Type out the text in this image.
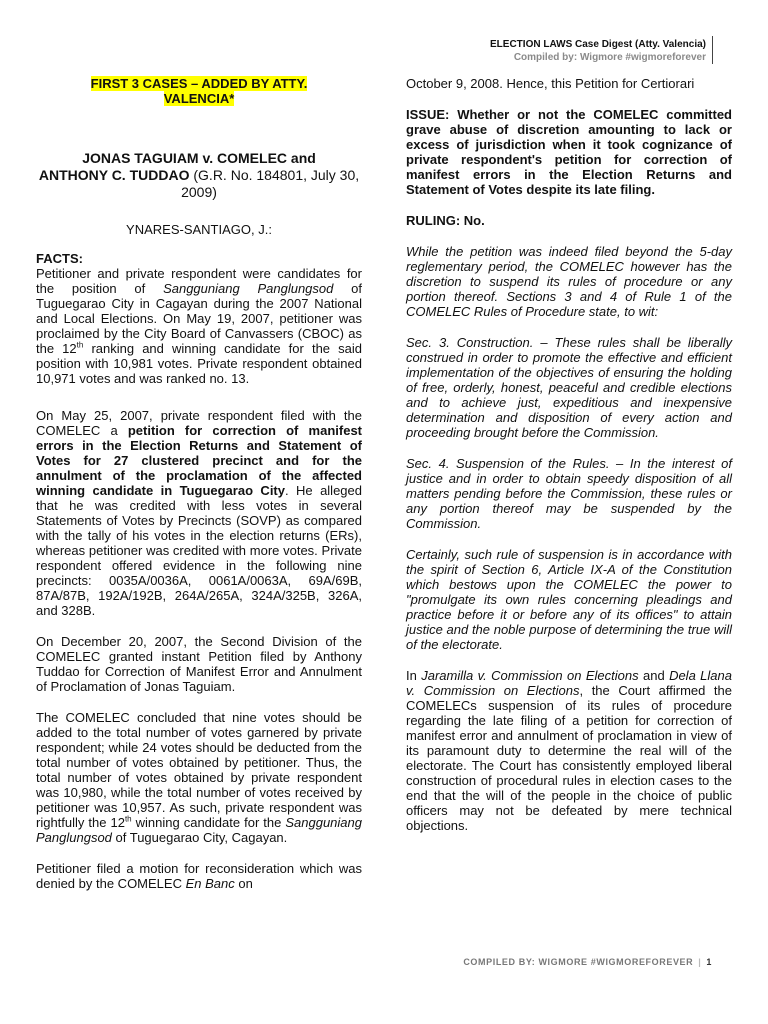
ELECTION LAWS Case Digest (Atty. Valencia)
Compiled by: Wigmore #wigmoreforever
FIRST 3 CASES – ADDED BY ATTY.
VALENCIA*
JONAS TAGUIAM v. COMELEC and
ANTHONY C. TUDDAO (G.R. No. 184801, July 30, 2009)

YNARES-SANTIAGO, J.:

FACTS:

Petitioner and private respondent were candidates for the position of Sangguniang Panglungsod of Tuguegarao City in Cagayan during the 2007 National and Local Elections. On May 19, 2007, petitioner was proclaimed by the City Board of Canvassers (CBOC) as the 12th ranking and winning candidate for the said position with 10,981 votes. Private respondent obtained 10,971 votes and was ranked no. 13.

On May 25, 2007, private respondent filed with the COMELEC a petition for correction of manifest errors in the Election Returns and Statement of Votes for 27 clustered precinct and for the annulment of the proclamation of the affected winning candidate in Tuguegarao City. He alleged that he was credited with less votes in several Statements of Votes by Precincts (SOVP) as compared with the tally of his votes in the election returns (ERs), whereas petitioner was credited with more votes. Private respondent offered evidence in the following nine precincts: 0035A/0036A, 0061A/0063A, 69A/69B, 87A/87B, 192A/192B, 264A/265A, 324A/325B, 326A, and 328B.

On December 20, 2007, the Second Division of the COMELEC granted instant Petition filed by Anthony Tuddao for Correction of Manifest Error and Annulment of Proclamation of Jonas Taguiam.

The COMELEC concluded that nine votes should be added to the total number of votes garnered by private respondent; while 24 votes should be deducted from the total number of votes obtained by petitioner. Thus, the total number of votes obtained by private respondent was 10,980, while the total number of votes received by petitioner was 10,957. As such, private respondent was rightfully the 12th winning candidate for the Sangguniang Panglungsod of Tuguegarao City, Cagayan.

Petitioner filed a motion for reconsideration which was denied by the COMELEC En Banc on

October 9, 2008. Hence, this Petition for Certiorari

ISSUE: Whether or not the COMELEC committed grave abuse of discretion amounting to lack or excess of jurisdiction when it took cognizance of private respondent's petition for correction of manifest errors in the Election Returns and Statement of Votes despite its late filing.

RULING: No.

While the petition was indeed filed beyond the 5-day reglementary period, the COMELEC however has the discretion to suspend its rules of procedure or any portion thereof. Sections 3 and 4 of Rule 1 of the COMELEC Rules of Procedure state, to wit:

Sec. 3. Construction. – These rules shall be liberally construed in order to promote the effective and efficient implementation of the objectives of ensuring the holding of free, orderly, honest, peaceful and credible elections and to achieve just, expeditious and inexpensive determination and disposition of every action and proceeding brought before the Commission.

Sec. 4. Suspension of the Rules. – In the interest of justice and in order to obtain speedy disposition of all matters pending before the Commission, these rules or any portion thereof may be suspended by the Commission.

Certainly, such rule of suspension is in accordance with the spirit of Section 6, Article IX-A of the Constitution which bestows upon the COMELEC the power to "promulgate its own rules concerning pleadings and practice before it or before any of its offices" to attain justice and the noble purpose of determining the true will of the electorate.

In Jaramilla v. Commission on Elections and Dela Llana v. Commission on Elections, the Court affirmed the COMELECs suspension of its rules of procedure regarding the late filing of a petition for correction of manifest error and annulment of proclamation in view of its paramount duty to determine the real will of the electorate. The Court has consistently employed liberal construction of procedural rules in election cases to the end that the will of the people in the choice of public officers may not be defeated by mere technical objections.

COMPILED BY: WIGMORE #WIGMOREFOREVER | 1
